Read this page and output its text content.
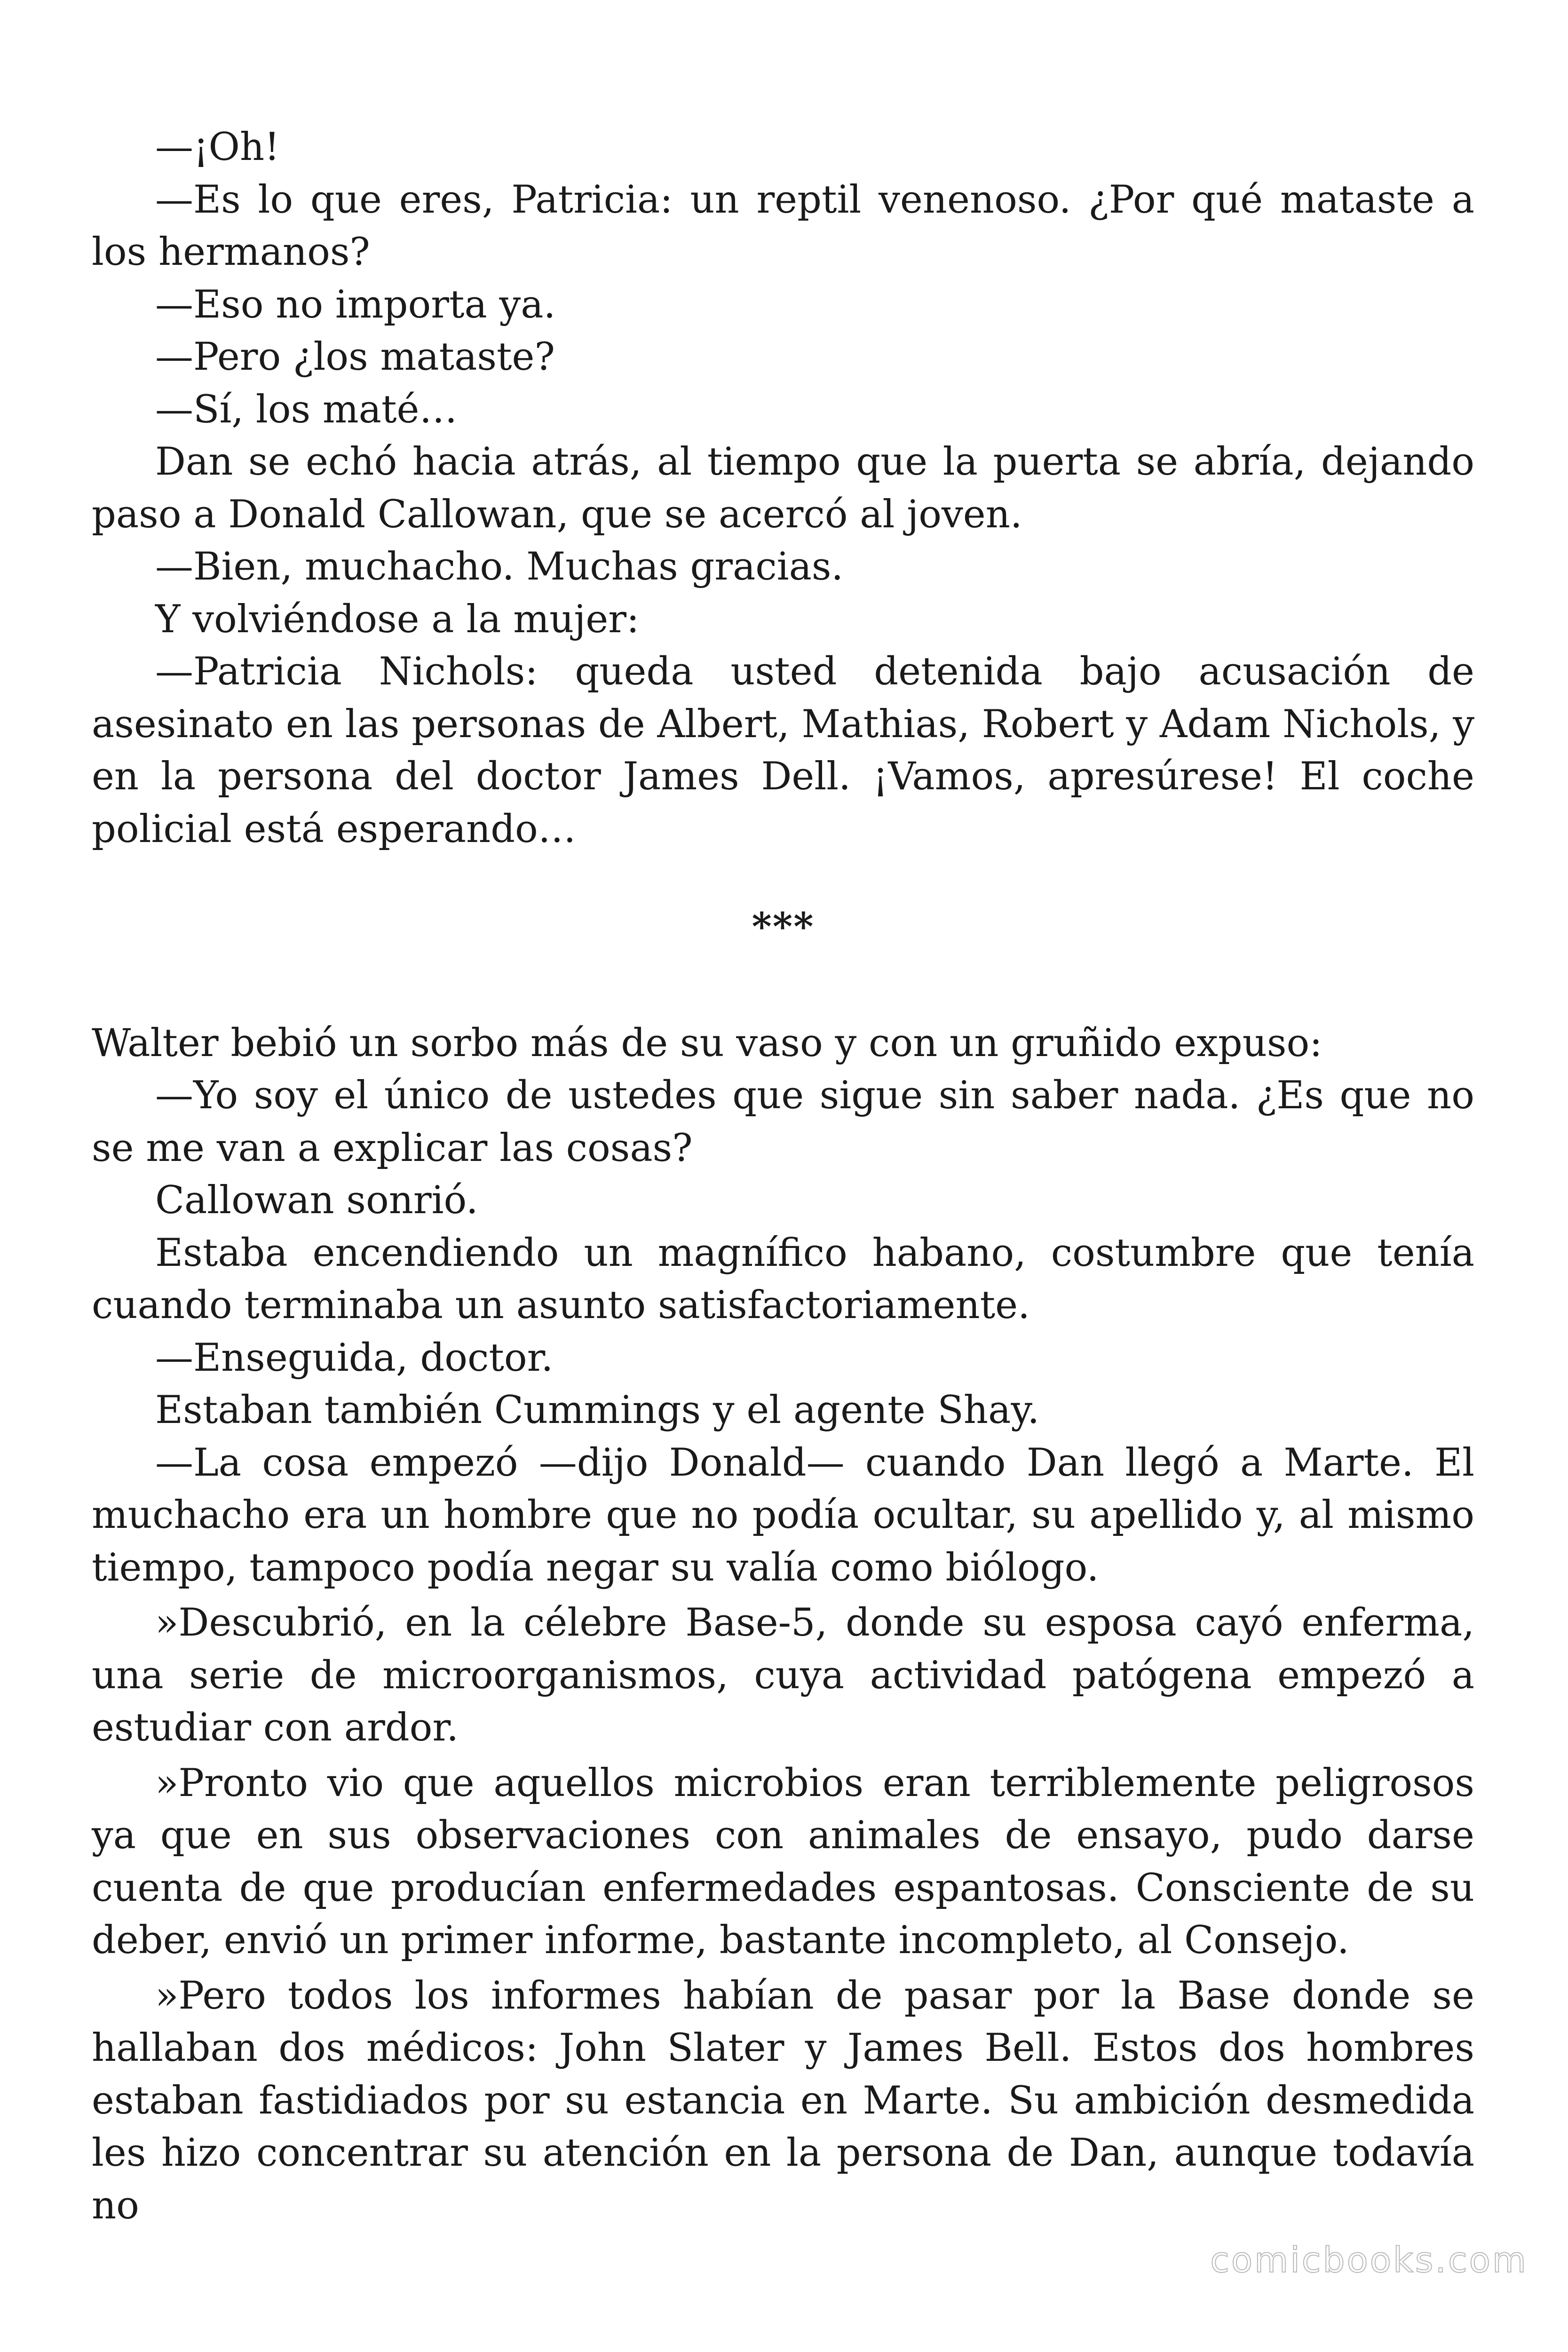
—¡Oh!

—Es lo que eres, Patricia: un reptil venenoso. ¿Por qué mataste a los hermanos?

—Eso no importa ya.

—Pero ¿los mataste?

—Sí, los maté…

Dan se echó hacia atrás, al tiempo que la puerta se abría, dejando paso a Donald Callowan, que se acercó al joven.

—Bien, muchacho. Muchas gracias.

Y volviéndose a la mujer:

—Patricia Nichols: queda usted detenida bajo acusación de asesinato en las personas de Albert, Mathias, Robert y Adam Nichols, y en la persona del doctor James Dell. ¡Vamos, apresúrese! El coche policial está esperando…

***

Walter bebió un sorbo más de su vaso y con un gruñido expuso:

—Yo soy el único de ustedes que sigue sin saber nada. ¿Es que no se me van a explicar las cosas?

Callowan sonrió.

Estaba encendiendo un magnífico habano, costumbre que tenía cuando terminaba un asunto satisfactoriamente.

—Enseguida, doctor.

Estaban también Cummings y el agente Shay.

—La cosa empezó —dijo Donald— cuando Dan llegó a Marte. El muchacho era un hombre que no podía ocultar, su apellido y, al mismo tiempo, tampoco podía negar su valía como biólogo.

»Descubrió, en la célebre Base-5, donde su esposa cayó enferma, una serie de microorganismos, cuya actividad patógena empezó a estudiar con ardor.

»Pronto vio que aquellos microbios eran terriblemente peligrosos ya que en sus observaciones con animales de ensayo, pudo darse cuenta de que producían enfermedades espantosas. Consciente de su deber, envió un primer informe, bastante incompleto, al Consejo.

»Pero todos los informes habían de pasar por la Base donde se hallaban dos médicos: John Slater y James Bell. Estos dos hombres estaban fastidiados por su estancia en Marte. Su ambición desmedida les hizo concentrar su atención en la persona de Dan, aunque todavía no

comicbooks.com
